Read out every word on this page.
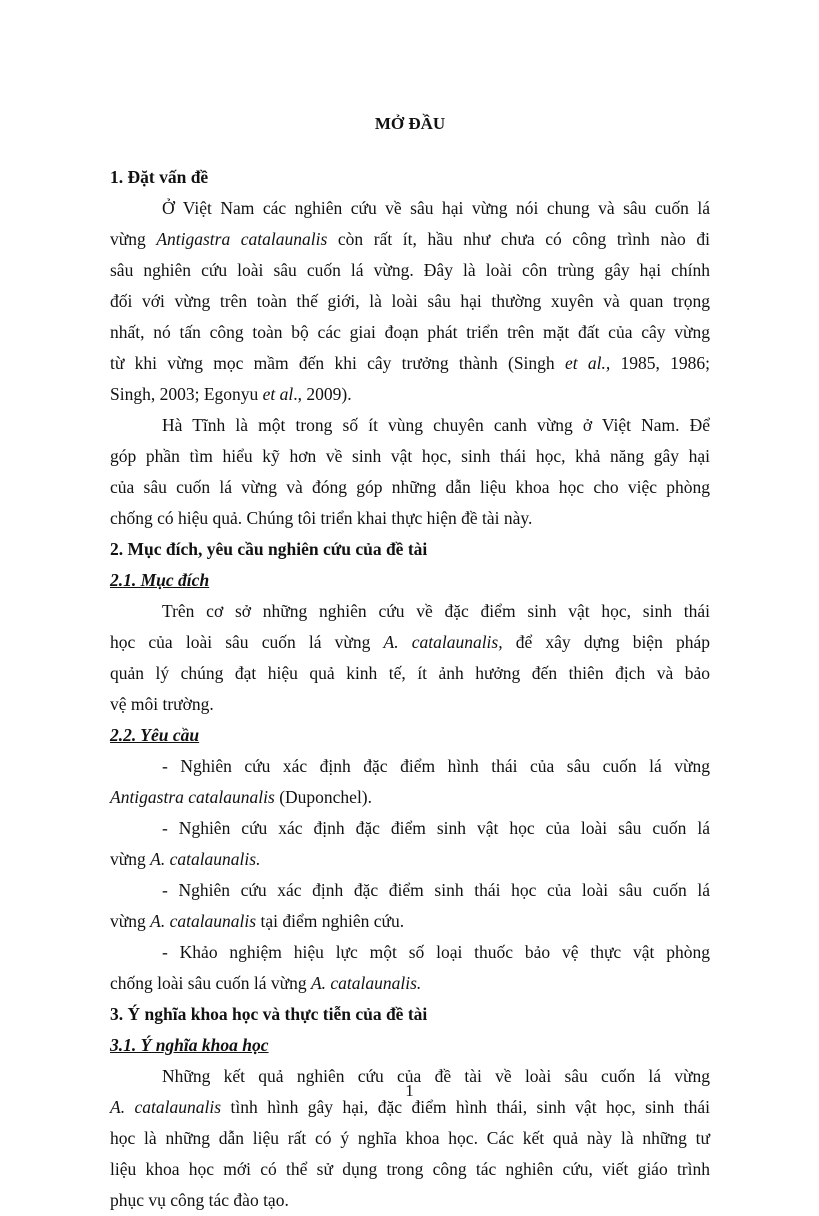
MỞ ĐẦU
1. Đặt vấn đề

Ở Việt Nam các nghiên cứu về sâu hại vừng nói chung và sâu cuốn lá
vừng Antigastra catalaunalis còn rất ít, hầu như chưa có công trình nào đi
sâu nghiên cứu loài sâu cuốn lá vừng. Đây là loài côn trùng gây hại chính
đối với vừng trên toàn thế giới, là loài sâu hại thường xuyên và quan trọng
nhất, nó tấn công toàn bộ các giai đoạn phát triển trên mặt đất của cây vừng
từ khi vừng mọc mầm đến khi cây trưởng thành (Singh et al., 1985, 1986;
Singh, 2003; Egonyu et al., 2009).

Hà Tĩnh là một trong số ít vùng chuyên canh vừng ở Việt Nam. Để
góp phần tìm hiểu kỹ hơn về sinh vật học, sinh thái học, khả năng gây hại
của sâu cuốn lá vừng và đóng góp những dẫn liệu khoa học cho việc phòng
chống có hiệu quả. Chúng tôi triển khai thực hiện đề tài này.

2. Mục đích, yêu cầu nghiên cứu của đề tài
2.1. Mục đích

Trên cơ sở những nghiên cứu về đặc điểm sinh vật học, sinh thái
học của loài sâu cuốn lá vừng A. catalaunalis, để xây dựng biện pháp
quản lý chúng đạt hiệu quả kinh tế, ít ảnh hưởng đến thiên địch và bảo
vệ môi trường.

2.2. Yêu cầu

- Nghiên cứu xác định đặc điểm hình thái của sâu cuốn lá vừng
Antigastra catalaunalis (Duponchel).

- Nghiên cứu xác định đặc điểm sinh vật học của loài sâu cuốn lá
vừng A. catalaunalis.

- Nghiên cứu xác định đặc điểm sinh thái học của loài sâu cuốn lá
vừng A. catalaunalis tại điểm nghiên cứu.

- Khảo nghiệm hiệu lực một số loại thuốc bảo vệ thực vật phòng
chống loài sâu cuốn lá vừng A. catalaunalis.

3. Ý nghĩa khoa học và thực tiễn của đề tài
3.1. Ý nghĩa khoa học

Những kết quả nghiên cứu của đề tài về loài sâu cuốn lá vừng
A. catalaunalis tình hình gây hại, đặc điểm hình thái, sinh vật học, sinh thái
học là những dẫn liệu rất có ý nghĩa khoa học. Các kết quả này là những tư
liệu khoa học mới có thể sử dụng trong công tác nghiên cứu, viết giáo trình
phục vụ công tác đào tạo.

1
